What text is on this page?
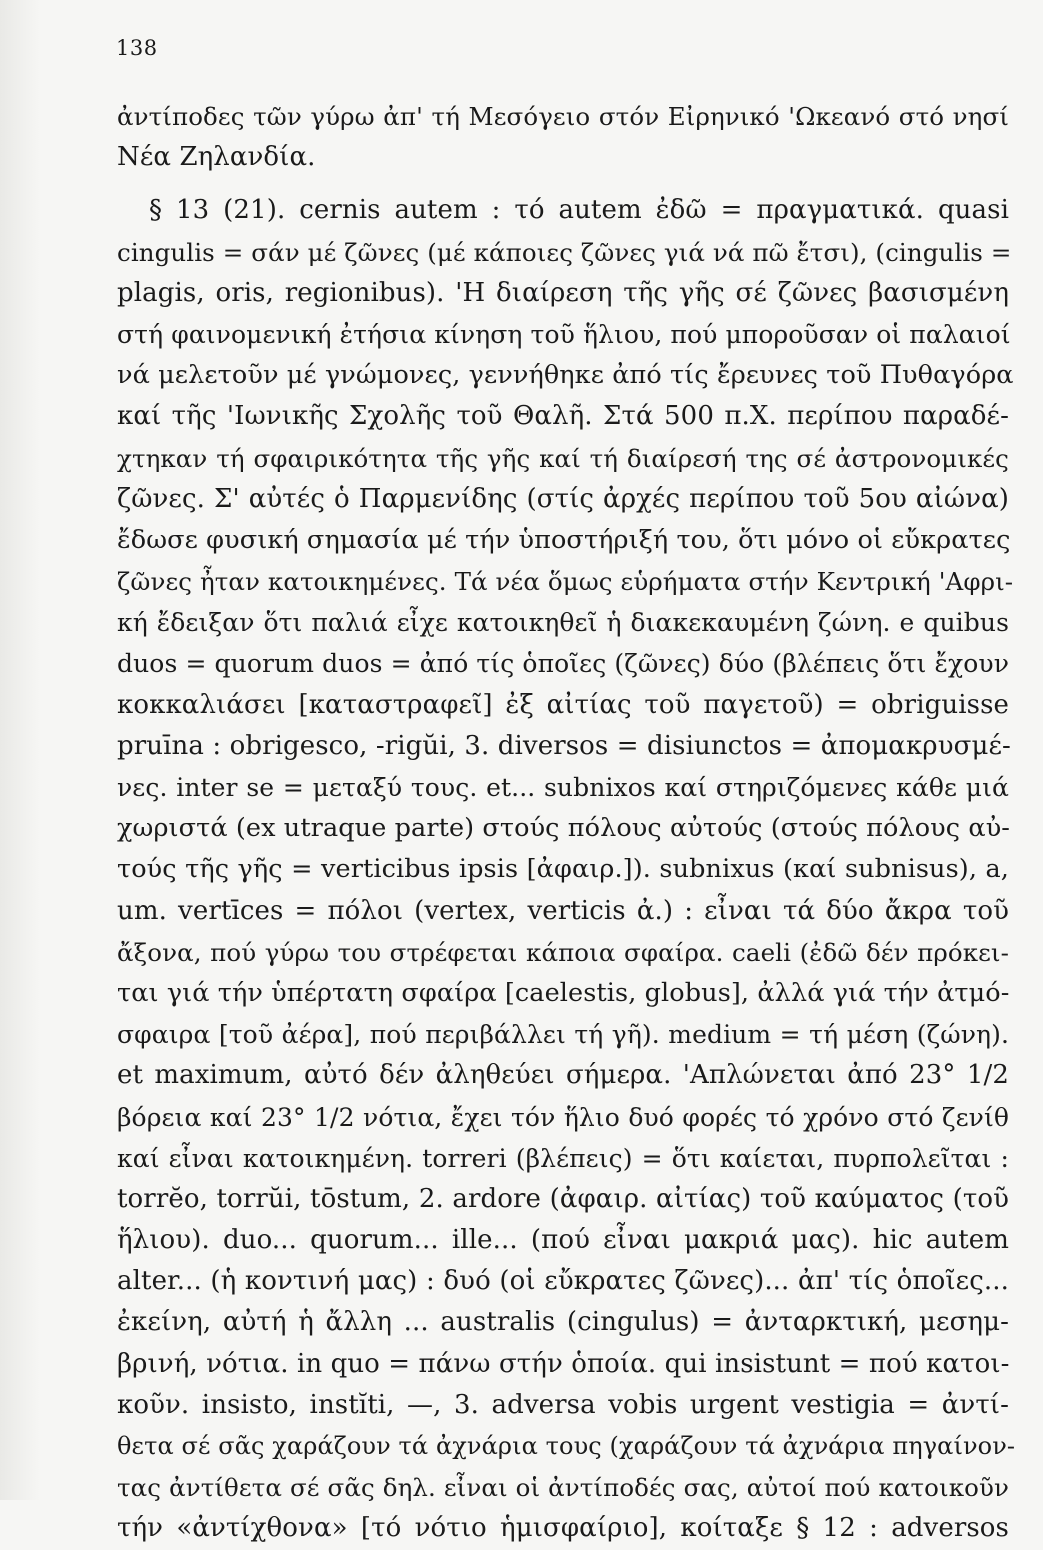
138
ἀντίποδες τῶν γύρω ἀπ' τή Μεσόγειο στόν Εἰρηνικό 'Ωκεανό στό νησί
Νέα Ζηλανδία.
§ 13 (21). cernis autem : τό autem ἐδῶ = πραγματικά. quasi
cingulis = σάν μέ ζῶνες (μέ κάποιες ζῶνες γιά νά πῶ ἔτσι), (cingulis =
plagis, oris, regionibus). 'Η διαίρεση τῆς γῆς σέ ζῶνες βασισμένη
στή φαινομενική ἐτήσια κίνηση τοῦ ἥλιου, πού μποροῦσαν οἱ παλαιοί
νά μελετοῦν μέ γνώμονες, γεννήθηκε ἀπό τίς ἔρευνες τοῦ Πυθαγόρα
καί τῆς 'Ιωνικῆς Σχολῆς τοῦ Θαλῆ. Στά 500 π.Χ. περίπου παραδέ-
χτηκαν τή σφαιρικότητα τῆς γῆς καί τή διαίρεσή της σέ ἀστρονομικές
ζῶνες. Σ' αὐτές ὁ Παρμενίδης (στίς ἀρχές περίπου τοῦ 5ου αἰώνα)
ἔδωσε φυσική σημασία μέ τήν ὑποστήριξή του, ὅτι μόνο οἱ εὔκρατες
ζῶνες ἦταν κατοικημένες. Τά νέα ὅμως εὑρήματα στήν Κεντρική 'Αφρι-
κή ἔδειξαν ὅτι παλιά εἶχε κατοικηθεῖ ἡ διακεκαυμένη ζώνη. e quibus
duos = quorum duos = ἀπό τίς ὁποῖες (ζῶνες) δύο (βλέπεις ὅτι ἔχουν
κοκκαλιάσει [καταστραφεῖ] ἐξ αἰτίας τοῦ παγετοῦ) = obriguisse
pruīna : obrigesco, -rigŭi, 3. diversos = disiunctos = ἀπομακρυσμέ-
νες. inter se = μεταξύ τους. et... subnixos καί στηριζόμενες κάθε μιά
χωριστά (ex utraque parte) στούς πόλους αὐτούς (στούς πόλους αὐ-
τούς τῆς γῆς = verticibus ipsis [ἀφαιρ.]). subnixus (καί subnisus), a,
um. vertīces = πόλοι (vertex, verticis ἀ.) : εἶναι τά δύο ἄκρα τοῦ
ἄξονα, πού γύρω του στρέφεται κάποια σφαίρα. caeli (ἐδῶ δέν πρόκει-
ται γιά τήν ὑπέρτατη σφαίρα [caelestis, globus], ἀλλά γιά τήν ἀτμό-
σφαιρα [τοῦ ἀέρα], πού περιβάλλει τή γῆ). medium = τή μέση (ζώνη).
et maximum, αὐτό δέν ἀληθεύει σήμερα. 'Απλώνεται ἀπό 23° 1/2
βόρεια καί 23° 1/2 νότια, ἔχει τόν ἥλιο δυό φορές τό χρόνο στό ζενίθ
καί εἶναι κατοικημένη. torreri (βλέπεις) = ὅτι καίεται, πυρπολεῖται :
torrĕo, torrŭi, tōstum, 2. ardore (ἀφαιρ. αἰτίας) τοῦ καύματος (τοῦ
ἥλιου). duo... quorum... ille... (πού εἶναι μακριά μας). hic autem
alter... (ἡ κοντινή μας) : δυό (οἱ εὔκρατες ζῶνες)... ἀπ' τίς ὁποῖες...
ἐκείνη, αὐτή ἡ ἄλλη ... australis (cingulus) = ἀνταρκτική, μεσημ-
βρινή, νότια. in quo = πάνω στήν ὁποία. qui insistunt = πού κατοι-
κοῦν. insisto, instĭti, —, 3. adversa vobis urgent vestigia = ἀντί-
θετα σέ σᾶς χαράζουν τά ἀχνάρια τους (χαράζουν τά ἀχνάρια πηγαίνον-
τας ἀντίθετα σέ σᾶς δηλ. εἶναι οἱ ἀντίποδές σας, αὐτοί πού κατοικοῦν
τήν «ἀντίχθονα» [τό νότιο ἡμισφαίριο], κοίταξε § 12 : adversos
